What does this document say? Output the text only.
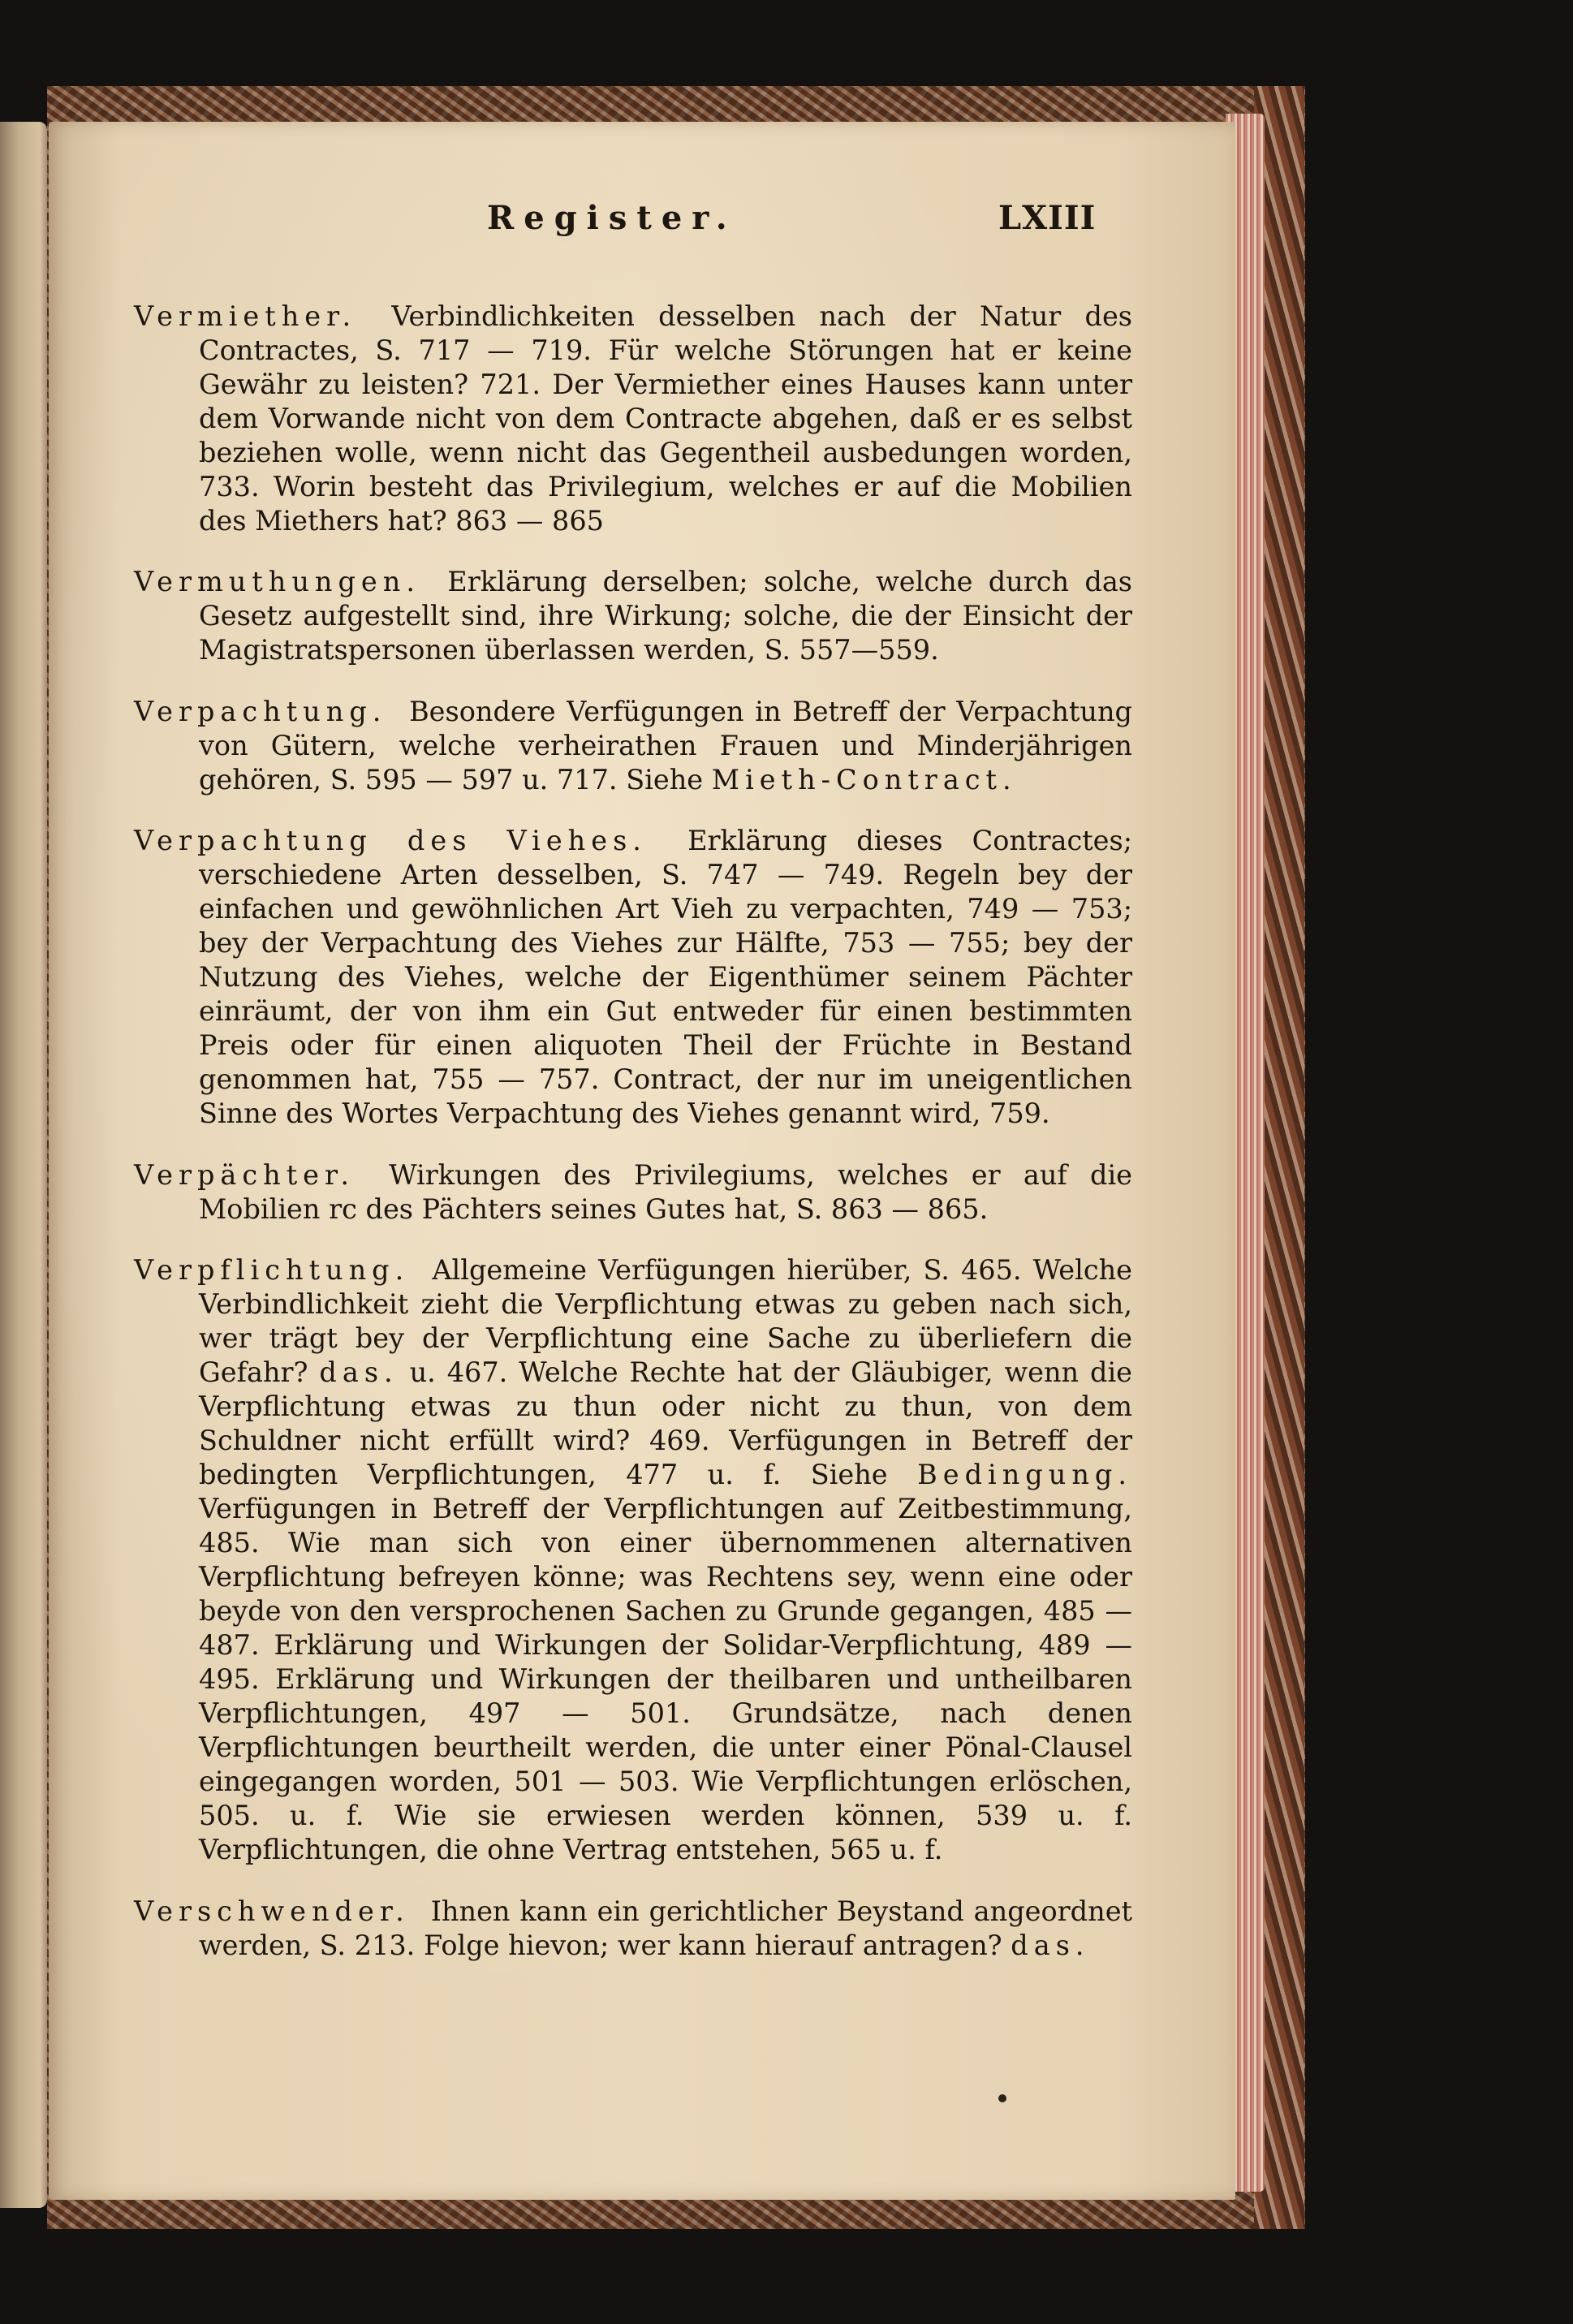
Register.	LXIII

Vermiether. Verbindlichkeiten desselben nach der Natur des Contractes, S. 717 — 719. Für welche Störungen hat er keine Gewähr zu leisten? 721. Der Vermiether eines Hauses kann unter dem Vorwande nicht von dem Contracte abgehen, daß er es selbst beziehen wolle, wenn nicht das Gegentheil ausbedungen worden, 733. Worin besteht das Privilegium, welches er auf die Mobilien des Miethers hat? 863 — 865

Vermuthungen. Erklärung derselben; solche, welche durch das Gesetz aufgestellt sind, ihre Wirkung; solche, die der Einsicht der Magistratspersonen überlassen werden, S. 557—559.

Verpachtung. Besondere Verfügungen in Betreff der Verpachtung von Gütern, welche verheirathen Frauen und Minderjährigen gehören, S. 595 — 597 u. 717. Siehe Mieth-Contract.

Verpachtung des Viehes. Erklärung dieses Contractes; verschiedene Arten desselben, S. 747 — 749. Regeln bey der einfachen und gewöhnlichen Art Vieh zu verpachten, 749 — 753; bey der Verpachtung des Viehes zur Hälfte, 753 — 755; bey der Nutzung des Viehes, welche der Eigenthümer seinem Pächter einräumt, der von ihm ein Gut entweder für einen bestimmten Preis oder für einen aliquoten Theil der Früchte in Bestand genommen hat, 755 — 757. Contract, der nur im uneigentlichen Sinne des Wortes Verpachtung des Viehes genannt wird, 759.

Verpächter. Wirkungen des Privilegiums, welches er auf die Mobilien rc des Pächters seines Gutes hat, S. 863 — 865.

Verpflichtung. Allgemeine Verfügungen hierüber, S. 465. Welche Verbindlichkeit zieht die Verpflichtung etwas zu geben nach sich, wer trägt bey der Verpflichtung eine Sache zu überliefern die Gefahr? das. u. 467. Welche Rechte hat der Gläubiger, wenn die Verpflichtung etwas zu thun oder nicht zu thun, von dem Schuldner nicht erfüllt wird? 469. Verfügungen in Betreff der bedingten Verpflichtungen, 477 u. f. Siehe Bedingung. Verfügungen in Betreff der Verpflichtungen auf Zeitbestimmung, 485. Wie man sich von einer übernommenen alternativen Verpflichtung befreyen könne; was Rechtens sey, wenn eine oder beyde von den versprochenen Sachen zu Grunde gegangen, 485 — 487. Erklärung und Wirkungen der Solidar-Verpflichtung, 489 — 495. Erklärung und Wirkungen der theilbaren und untheilbaren Verpflichtungen, 497 — 501. Grundsätze, nach denen Verpflichtungen beurtheilt werden, die unter einer Pönal-Clausel eingegangen worden, 501 — 503. Wie Verpflichtungen erlöschen, 505. u. f. Wie sie erwiesen werden können, 539 u. f. Verpflichtungen, die ohne Vertrag entstehen, 565 u. f.

Verschwender. Ihnen kann ein gerichtlicher Beystand angeordnet werden, S. 213. Folge hievon; wer kann hierauf antragen? das.
